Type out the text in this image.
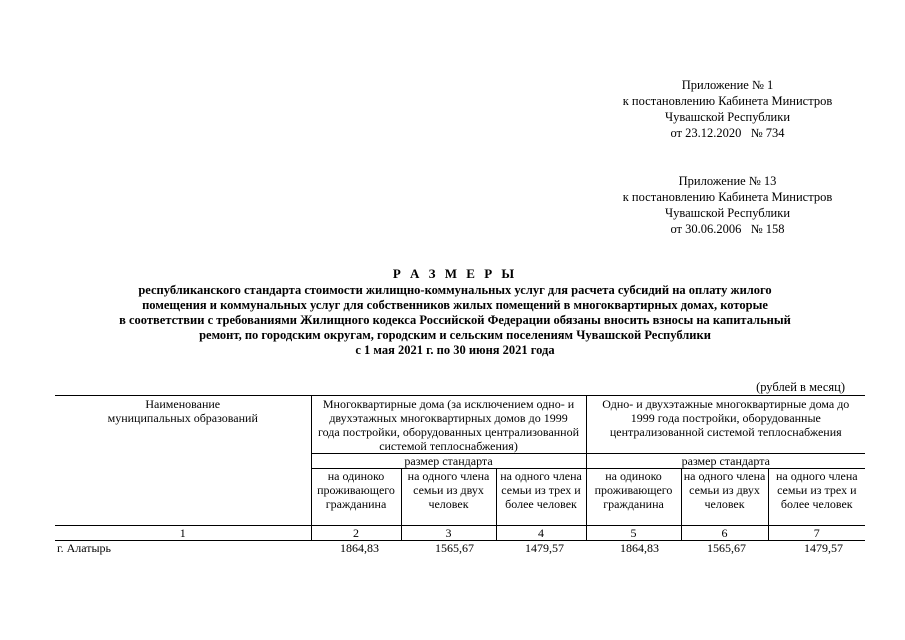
Приложение № 1
к постановлению Кабинета Министров
Чувашской Республики
от 23.12.2020   № 734
Приложение № 13
к постановлению Кабинета Министров
Чувашской Республики
от 30.06.2006   № 158
Р А З М Е Р Ы
республиканского стандарта стоимости жилищно-коммунальных услуг для расчета субсидий на оплату жилого
помещения и коммунальных услуг для собственников жилых помещений в многоквартирных домах, которые
в соответствии с требованиями Жилищного кодекса Российской Федерации обязаны вносить взносы на капитальный
ремонт, по городским округам, городским и сельским поселениям Чувашской Республики
с 1 мая 2021 г. по 30 июня 2021 года
(рублей в месяц)
Наименование
муниципальных образований	Многоквартирные дома (за исключением одно- и двухэтажных многоквартирных домов до 1999 года постройки, оборудованных централизованной системой теплоснабжения)			Одно- и двухэтажные многоквартирные дома до 1999 года постройки, оборудованные централизованной системой теплоснабжения		
	размер стандарта			размер стандарта		
	на одиноко проживающего гражданина	на одного члена семьи из двух человек	на одного члена семьи из трех и более человек	на одиноко проживающего гражданина	на одного члена семьи из двух человек	на одного члена семьи из трех и более человек
1	2	3	4	5	6	7
г. Алатырь	1864,83	1565,67	1479,57	1864,83	1565,67	1479,57
